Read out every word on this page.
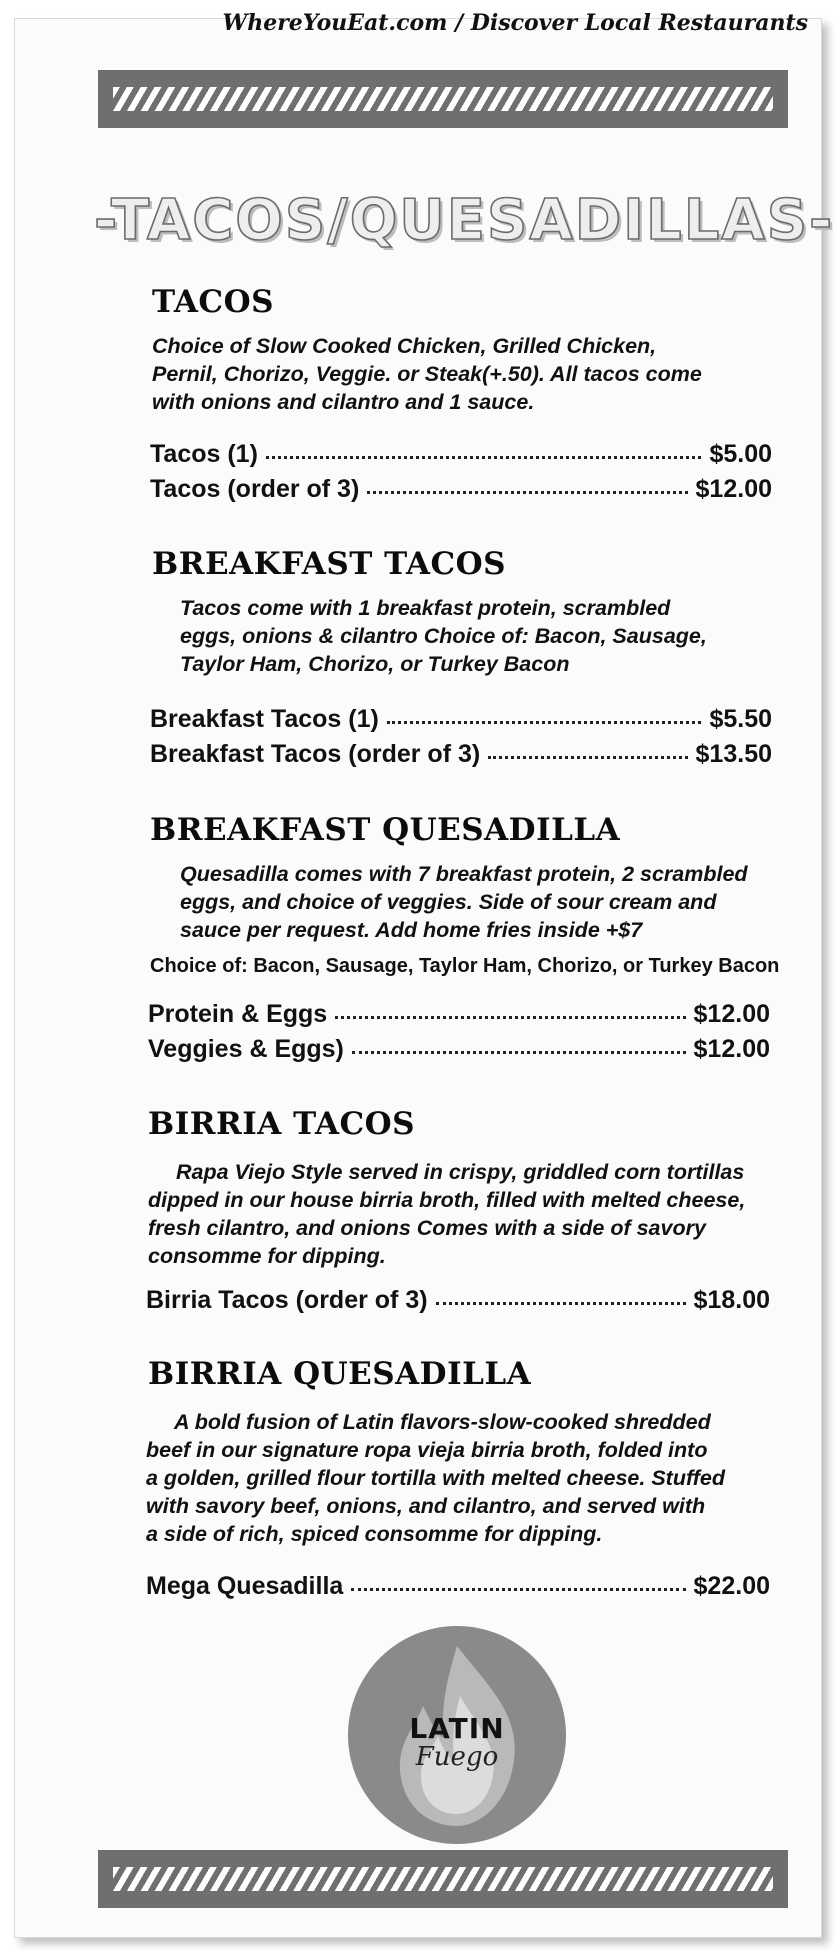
WhereYouEat.com / Discover Local Restaurants
-TACOS/QUESADILLAS-
TACOS
Choice of Slow Cooked Chicken, Grilled Chicken,
Pernil, Chorizo, Veggie. or Steak(+.50). All tacos come
with onions and cilantro and 1 sauce.
Tacos (1)	$5.00
Tacos (order of 3)	$12.00
BREAKFAST TACOS
Tacos come with 1 breakfast protein, scrambled
eggs, onions & cilantro Choice of: Bacon, Sausage,
Taylor Ham, Chorizo, or Turkey Bacon
Breakfast Tacos (1)	$5.50
Breakfast Tacos (order of 3)	$13.50
BREAKFAST QUESADILLA
Quesadilla comes with 7 breakfast protein, 2 scrambled
eggs, and choice of veggies. Side of sour cream and
sauce per request. Add home fries inside +$7
Choice of: Bacon, Sausage, Taylor Ham, Chorizo, or Turkey Bacon
Protein & Eggs	$12.00
Veggies & Eggs)	$12.00
BIRRIA TACOS
Rapa Viejo Style served in crispy, griddled corn tortillas
dipped in our house birria broth, filled with melted cheese,
fresh cilantro, and onions Comes with a side of savory
consomme for dipping.
Birria Tacos (order of 3)	$18.00
BIRRIA QUESADILLA
A bold fusion of Latin flavors-slow-cooked shredded
beef in our signature ropa vieja birria broth, folded into
a golden, grilled flour tortilla with melted cheese. Stuffed
with savory beef, onions, and cilantro, and served with
a side of rich, spiced consomme for dipping.
Mega Quesadilla	$22.00
LATIN
Fuego
